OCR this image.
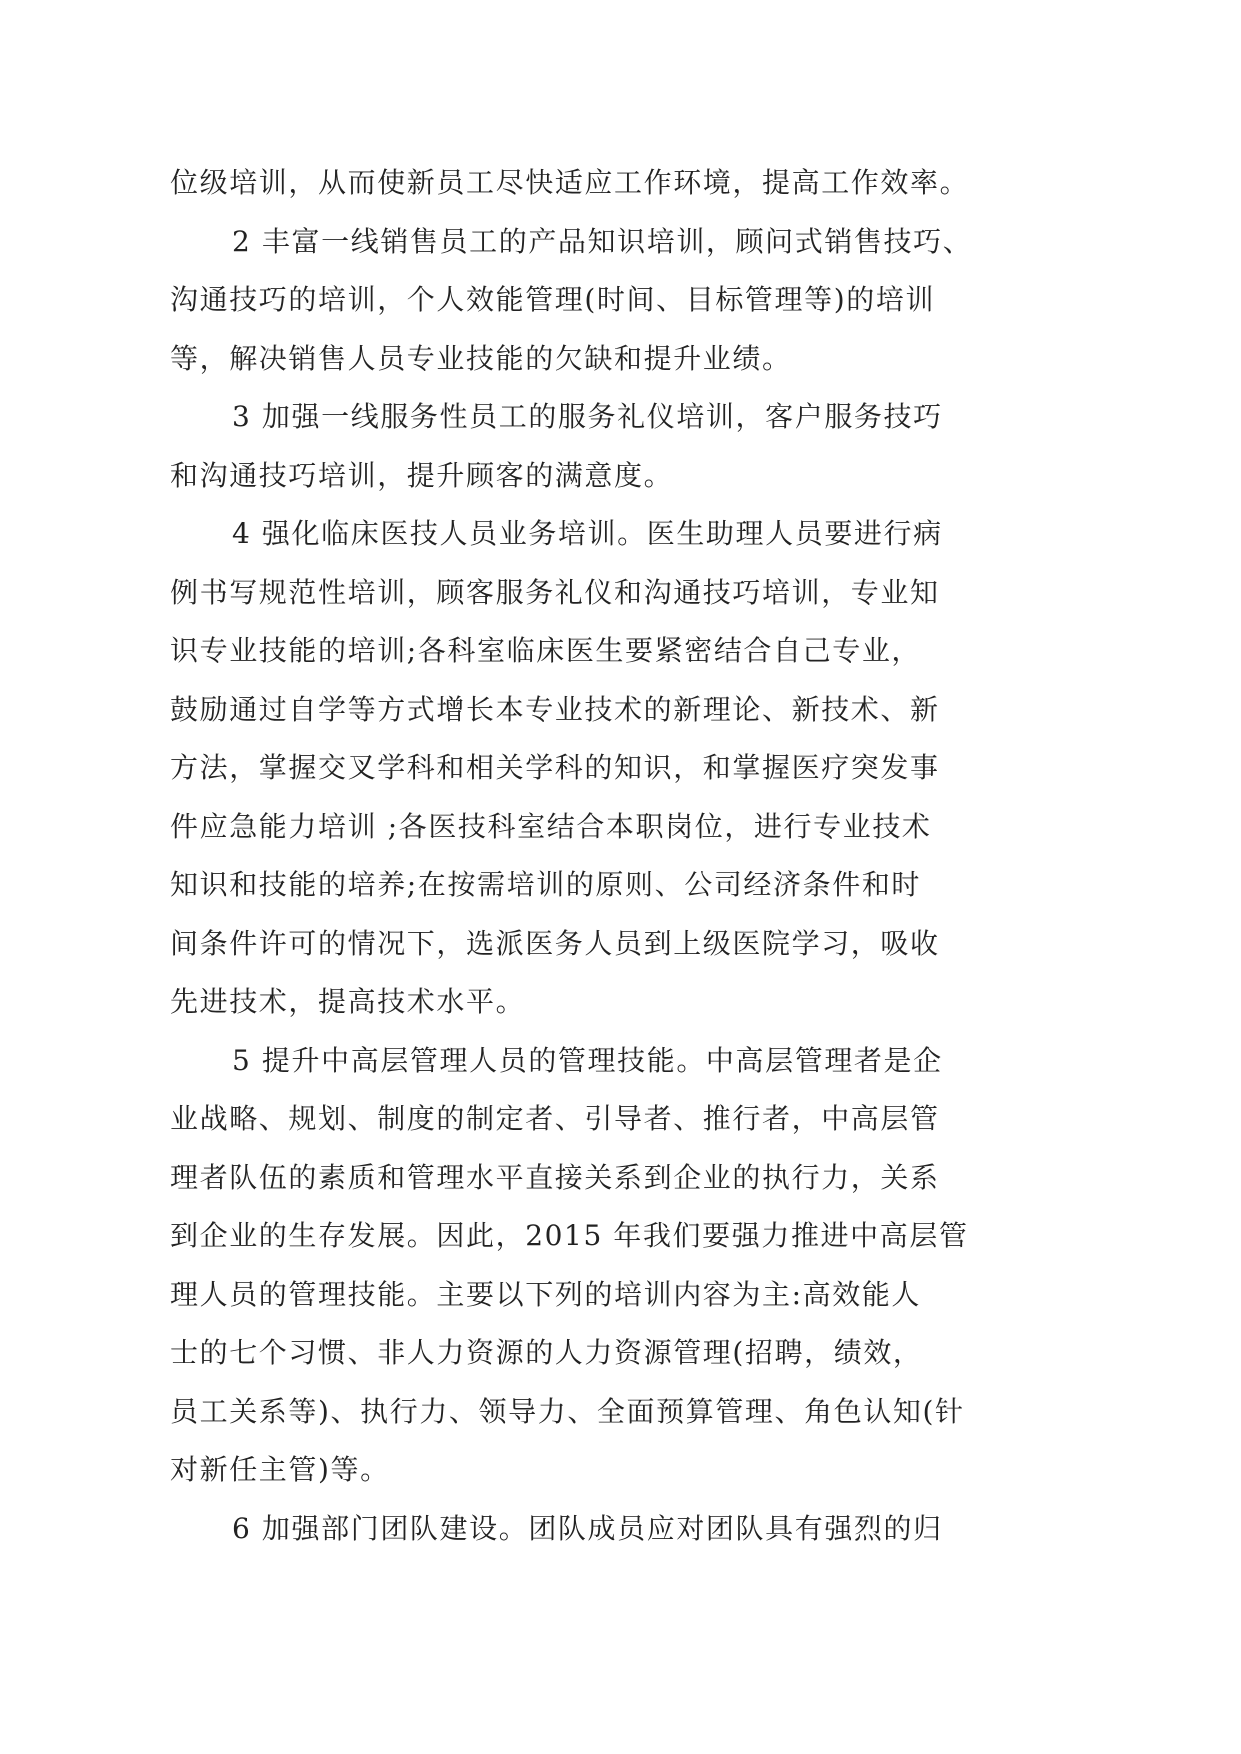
位级培训，从而使新员工尽快适应工作环境，提高工作效率。
2 丰富一线销售员工的产品知识培训，顾问式销售技巧、
沟通技巧的培训，个人效能管理(时间、目标管理等)的培训
等，解决销售人员专业技能的欠缺和提升业绩。
3 加强一线服务性员工的服务礼仪培训，客户服务技巧
和沟通技巧培训，提升顾客的满意度。
4 强化临床医技人员业务培训。医生助理人员要进行病
例书写规范性培训，顾客服务礼仪和沟通技巧培训，专业知
识专业技能的培训;各科室临床医生要紧密结合自己专业，
鼓励通过自学等方式增长本专业技术的新理论、新技术、新
方法，掌握交叉学科和相关学科的知识，和掌握医疗突发事
件应急能力培训 ;各医技科室结合本职岗位，进行专业技术
知识和技能的培养;在按需培训的原则、公司经济条件和时
间条件许可的情况下，选派医务人员到上级医院学习，吸收
先进技术，提高技术水平。
5 提升中高层管理人员的管理技能。中高层管理者是企
业战略、规划、制度的制定者、引导者、推行者，中高层管
理者队伍的素质和管理水平直接关系到企业的执行力，关系
到企业的生存发展。因此，2015 年我们要强力推进中高层管
理人员的管理技能。主要以下列的培训内容为主:高效能人
士的七个习惯、非人力资源的人力资源管理(招聘，绩效，
员工关系等)、执行力、领导力、全面预算管理、角色认知(针
对新任主管)等。
6 加强部门团队建设。团队成员应对团队具有强烈的归
